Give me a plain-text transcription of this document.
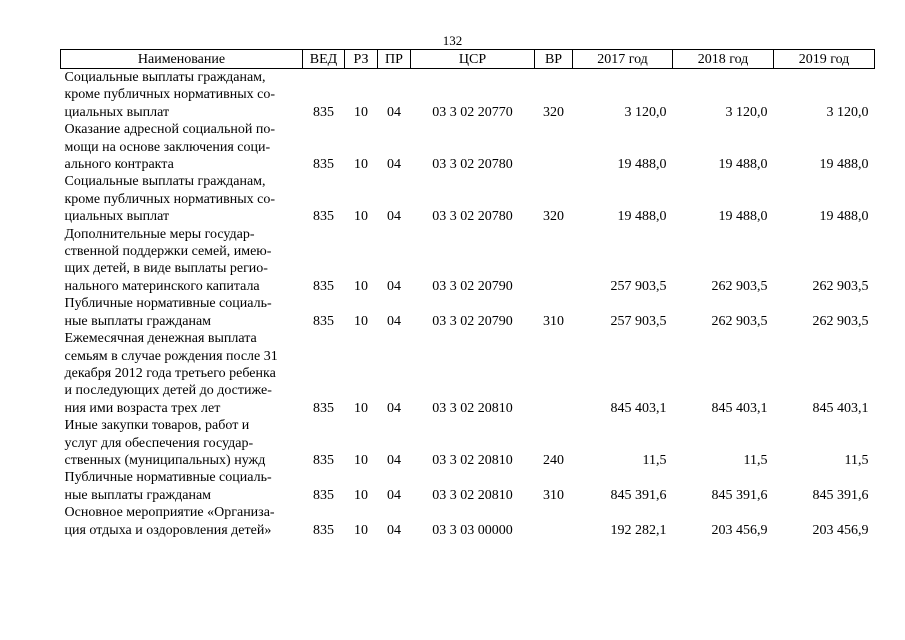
132
Наименование	ВЕД	РЗ	ПР	ЦСР	ВР	2017 год	2018 год	2019 год

Социальные выплаты гражданам,
кроме публичных нормативных со-
циальных выплат	835	10	04	03 3 02 20770	320	3 120,0	3 120,0	3 120,0

Оказание адресной социальной по-
мощи на основе заключения соци-
ального контракта	835	10	04	03 3 02 20780		19 488,0	19 488,0	19 488,0

Социальные выплаты гражданам,
кроме публичных нормативных со-
циальных выплат	835	10	04	03 3 02 20780	320	19 488,0	19 488,0	19 488,0

Дополнительные меры государ-
ственной поддержки семей, имею-
щих детей, в виде выплаты регио-
нального материнского капитала	835	10	04	03 3 02 20790		257 903,5	262 903,5	262 903,5

Публичные нормативные социаль-
ные выплаты гражданам	835	10	04	03 3 02 20790	310	257 903,5	262 903,5	262 903,5

Ежемесячная денежная выплата
семьям в случае рождения после 31
декабря 2012 года третьего ребенка
и последующих детей до достиже-
ния ими возраста трех лет	835	10	04	03 3 02 20810		845 403,1	845 403,1	845 403,1

Иные закупки товаров, работ и
услуг для обеспечения государ-
ственных (муниципальных) нужд	835	10	04	03 3 02 20810	240	11,5	11,5	11,5

Публичные нормативные социаль-
ные выплаты гражданам	835	10	04	03 3 02 20810	310	845 391,6	845 391,6	845 391,6

Основное мероприятие «Организа-
ция отдыха и оздоровления детей»	835	10	04	03 3 03 00000		192 282,1	203 456,9	203 456,9
